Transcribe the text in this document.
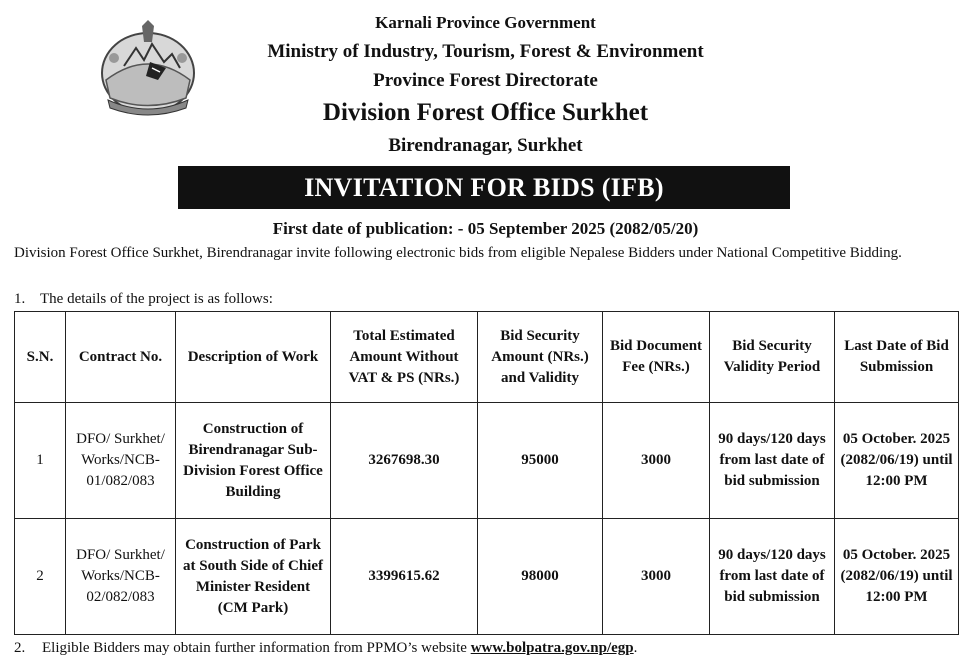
Karnali Province Government
Ministry of Industry, Tourism, Forest & Environment
Province Forest Directorate
Division Forest Office Surkhet
Birendranagar, Surkhet
INVITATION FOR BIDS (IFB)
First date of publication: - 05 September 2025 (2082/05/20)
Division Forest Office Surkhet, Birendranagar invite following electronic bids from eligible Nepalese Bidders under National Competitive Bidding.
1. The details of the project is as follows:
S.N.	Contract No.	Description of Work	Total Estimated Amount Without VAT & PS (NRs.)	Bid Security Amount (NRs.) and Validity	Bid Document Fee (NRs.)	Bid Security Validity Period	Last Date of Bid Submission
1	DFO/ Surkhet/ Works/NCB-01/082/083	Construction of Birendranagar Sub-Division Forest Office Building	3267698.30	95000	3000	90 days/120 days from last date of bid submission	05 October. 2025 (2082/06/19) until 12:00 PM
2	DFO/ Surkhet/ Works/NCB-02/082/083	Construction of Park at South Side of Chief Minister Resident (CM Park)	3399615.62	98000	3000	90 days/120 days from last date of bid submission	05 October. 2025 (2082/06/19) until 12:00 PM
2. Eligible Bidders may obtain further information from PPMO’s website www.bolpatra.gov.np/egp.
